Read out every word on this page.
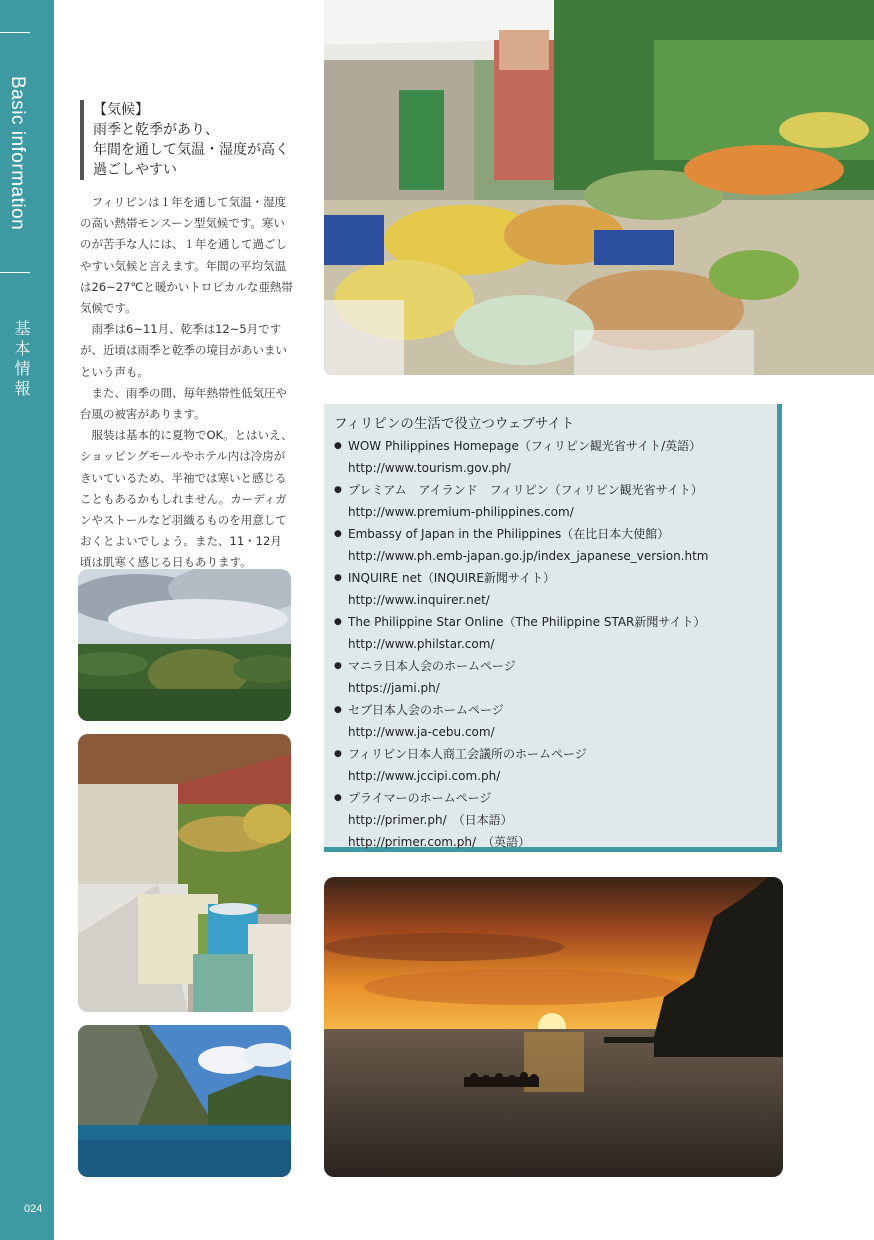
Basic information
基本情報
024
【気候】
雨季と乾季があり、
年間を通して気温・湿度が高く
過ごしやすい

フィリピンは１年を通して気温・湿度の高い熱帯モンスーン型気候です。寒いのが苦手な人には、１年を通して過ごしやすい気候と言えます。年間の平均気温は26~27℃と暖かいトロピカルな亜熱帯気候です。

雨季は6~11月、乾季は12~5月ですが、近頃は雨季と乾季の境目があいまいという声も。

また、雨季の間、毎年熱帯性低気圧や台風の被害があります。

服装は基本的に夏物でOK。とはいえ、ショッピングモールやホテル内は冷房がきいているため、半袖では寒いと感じることもあるかもしれません。カーディガンやストールなど羽織るものを用意しておくとよいでしょう。また、11・12月頃は肌寒く感じる日もあります。

フィリピンの生活で役立つウェブサイト
● WOW Philippines Homepage（フィリピン観光省サイト/英語）
http://www.tourism.gov.ph/
● プレミアム　アイランド　フィリピン（フィリピン観光省サイト）
http://www.premium-philippines.com/
● Embassy of Japan in the Philippines（在比日本大使館）
http://www.ph.emb-japan.go.jp/index_japanese_version.htm
● INQUIRE net（INQUIRE新聞サイト）
http://www.inquirer.net/
● The Philippine Star Online（The Philippine STAR新聞サイト）
http://www.philstar.com/
● マニラ日本人会のホームページ
https://jami.ph/
● セブ日本人会のホームページ
http://www.ja-cebu.com/
● フィリピン日本人商工会議所のホームページ
http://www.jccipi.com.ph/
● プライマーのホームページ
http://primer.ph/　（日本語）
http://primer.com.ph/　（英語）
